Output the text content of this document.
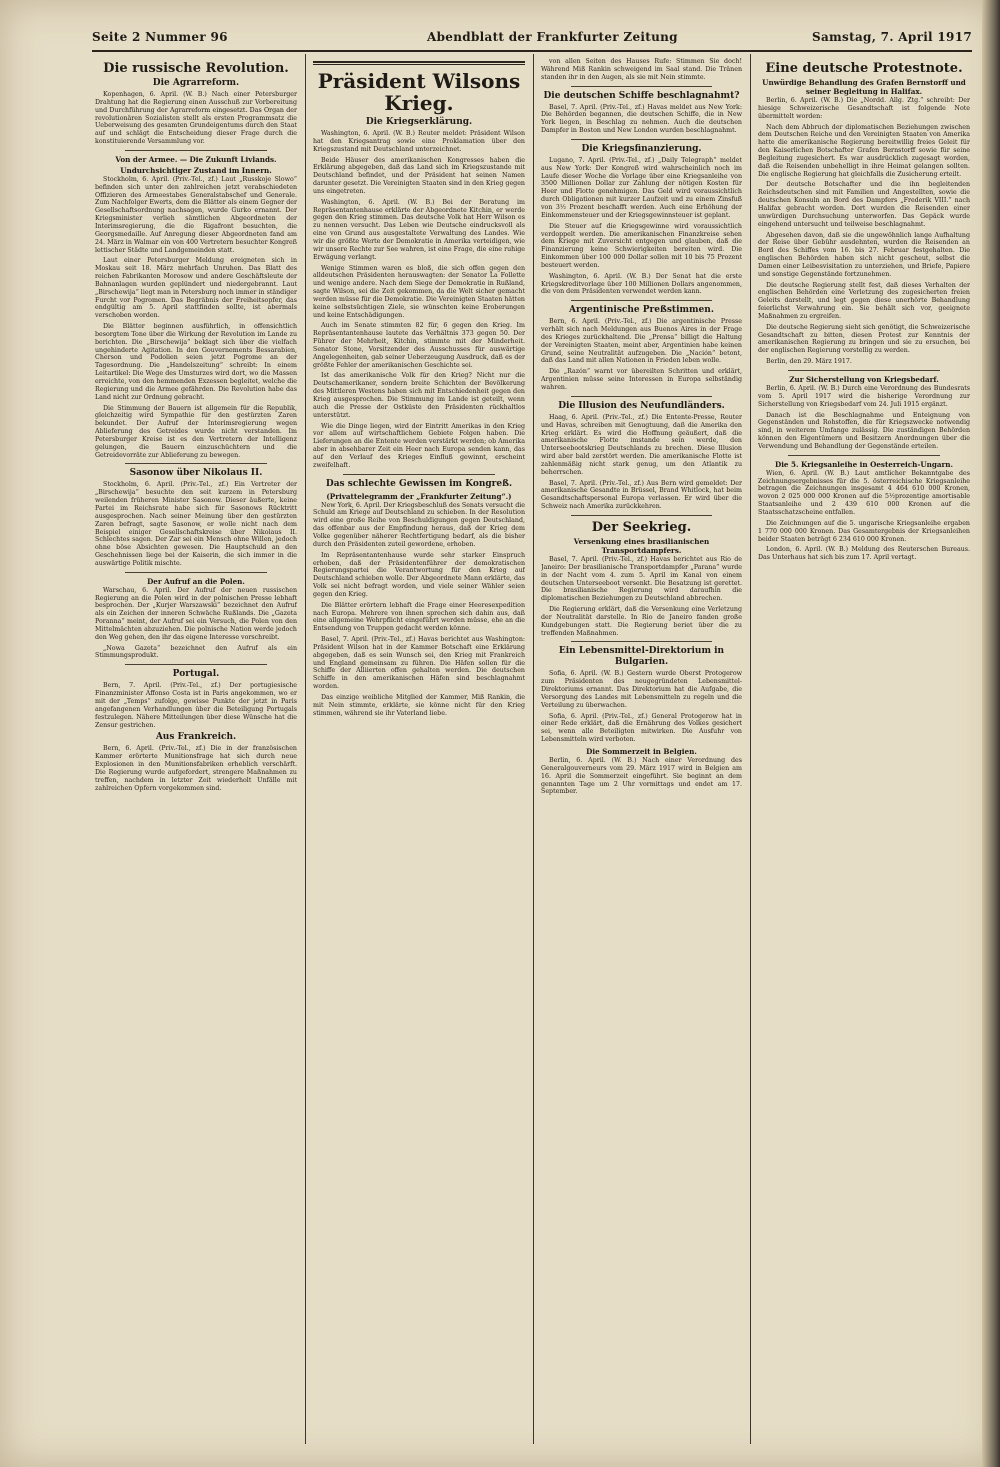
Seite 2 Nummer 96	Abendblatt der Frankfurter Zeitung	Samstag, 7. April 1917
Die russische Revolution.
Die Agrarreform.

Kopenhagen, 6. April. (W. B.) Nach einer Petersburger Drahtung hat die Regierung einen Ausschuß zur Vorbereitung und Durchführung der Agrarreform eingesetzt. Das Organ der revolutionären Sozialisten stellt als ersten Programmsatz die Ueberweisung des gesamten Grundeigentums durch den Staat auf und schlägt die Entscheidung dieser Frage durch die konstituierende Versammlung vor.

Von der Armee. — Die Zukunft Livlands.
Undurchsichtiger Zustand im Innern.

Stockholm, 6. April. (Priv.-Tel., zf.) Laut „Russkoje Slowo“ befinden sich unter den zahlreichen jetzt verabschiedeten Offizieren des Armeestabes Generalstabschef und Generale. Zum Nachfolger Ewerts, dem die Blätter als einem Gegner der Gesellschaftsordnung nachsagen, wurde Gurko ernannt. Der Kriegsminister verlieh sämtlichen Abgeordneten der Interimsregierung, die die Rigafront besuchten, die Georgsmedaille. Auf Anregung dieser Abgeordneten fand am 24. März in Walmar ein von 400 Vertretern besuchter Kongreß lettischer Städte und Landgemeinden statt.

Laut einer Petersburger Meldung ereigneten sich in Moskau seit 18. März mehrfach Unruhen. Das Blatt des reichen Fabrikanten Morosow und andere Geschäftsleute der Bahnanlagen wurden geplündert und niedergebrannt. Laut „Birschewija“ liegt man in Petersburg noch immer in ständiger Furcht vor Pogromen. Das Begräbnis der Freiheitsopfer, das endgültig am 5. April stattfinden sollte, ist abermals verschoben worden.

Die Blätter beginnen ausführlich, in offensichtlich besorgtem Tone über die Wirkung der Revolution im Lande zu berichten. Die „Birschewija“ beklagt sich über die vielfach ungehinderte Agitation. In den Gouvernements Bessarabien, Cherson und Podolien seien jetzt Pogrome an der Tagesordnung. Die „Handelszeitung“ schreibt: In einem Leitartikel: Die Wege des Umsturzes wird dort, wo die Massen erreichte, von den hemmenden Exzessen begleitet, welche die Regierung und die Armee gefährden. Die Revolution habe das Land nicht zur Ordnung gebracht.

Die Stimmung der Bauern ist allgemein für die Republik, gleichzeitig wird Sympathie für den gestürzten Zaren bekundet. Der Aufruf der Interimsregierung wegen Ablieferung des Getreides wurde nicht verstanden. Im Petersburger Kreise ist es den Vertretern der Intelligenz gelungen, die Bauern einzuschüchtern und die Getreidevorräte zur Ablieferung zu bewegen.

Sasonow über Nikolaus II.

Stockholm, 6. April. (Priv.-Tel., zf.) Ein Vertreter der „Birschewija“ besuchte den seit kurzem in Petersburg weilenden früheren Minister Sasonow. Dieser äußerte, keine Partei im Reichsrate habe sich für Sasonows Rücktritt ausgesprochen. Nach seiner Meinung über den gestürzten Zaren befragt, sagte Sasonow, er wolle nicht nach dem Beispiel einiger Gesellschaftskreise über Nikolaus II. Schlechtes sagen. Der Zar sei ein Mensch ohne Willen, jedoch ohne böse Absichten gewesen. Die Hauptschuld an den Geschehnissen liege bei der Kaiserin, die sich immer in die auswärtige Politik mischte.

Der Aufruf an die Polen.

Warschau, 6. April. Der Aufruf der neuen russischen Regierung an die Polen wird in der polnischen Presse lebhaft besprochen. Der „Kurjer Warszawski“ bezeichnet den Aufruf als ein Zeichen der inneren Schwäche Rußlands. Die „Gazeta Poranna“ meint, der Aufruf sei ein Versuch, die Polen von den Mittelmächten abzuziehen. Die polnische Nation werde jedoch den Weg gehen, den ihr das eigene Interesse vorschreibt.

„Nowa Gazeta“ bezeichnet den Aufruf als ein Stimmungsprodukt.

Portugal.

Bern, 7. April. (Priv.-Tel., zf.) Der portugiesische Finanzminister Affonso Costa ist in Paris angekommen, wo er mit der „Temps“ zufolge, gewisse Punkte der jetzt in Paris angefangenen Verhandlungen über die Beteiligung Portugals festzulegen. Nähere Mitteilungen über diese Wünsche hat die Zensur gestrichen.

Aus Frankreich.

Bern, 6. April. (Priv.-Tel., zf.) Die in der französischen Kammer erörterte Munitionsfrage hat sich durch neue Explosionen in den Munitionsfabriken erheblich verschärft. Die Regierung wurde aufgefordert, strengere Maßnahmen zu treffen, nachdem in letzter Zeit wiederholt Unfälle mit zahlreichen Opfern vorgekommen sind.

Präsident Wilsons Krieg.
Die Kriegserklärung.

Washington, 6. April. (W. B.) Reuter meldet: Präsident Wilson hat den Kriegsantrag sowie eine Proklamation über den Kriegszustand mit Deutschland unterzeichnet.

Beide Häuser des amerikanischen Kongresses haben die Erklärung abgegeben, daß das Land sich im Kriegszustande mit Deutschland befindet, und der Präsident hat seinen Namen darunter gesetzt. Die Vereinigten Staaten sind in den Krieg gegen uns eingetreten.

Washington, 6. April. (W. B.) Bei der Beratung im Repräsentantenhause erklärte der Abgeordnete Kitchin, er werde gegen den Krieg stimmen. Das deutsche Volk hat Herr Wilson es zu nennen versucht. Das Leben wie Deutsche eindrucksvoll als eine von Grund aus ausgestaltete Verwaltung des Landes. Wie wir die größte Werte der Demokratie in Amerika verteidigen, wie wir unsere Rechte zur See wahren, ist eine Frage, die eine ruhige Erwägung verlangt.

Wenige Stimmen waren es bloß, die sich offen gegen den alldeutschen Präsidenten herauswagten: der Senator La Follette und wenige andere. Nach dem Siege der Demokratie in Rußland, sagte Wilson, sei die Zeit gekommen, da die Welt sicher gemacht werden müsse für die Demokratie. Die Vereinigten Staaten hätten keine selbstsüchtigen Ziele, sie wünschten keine Eroberungen und keine Entschädigungen.

Auch im Senate stimmten 82 für, 6 gegen den Krieg. Im Repräsentantenhause lautete das Verhältnis 373 gegen 50. Der Führer der Mehrheit, Kitchin, stimmte mit der Minderheit. Senator Stone, Vorsitzender des Ausschusses für auswärtige Angelegenheiten, gab seiner Ueberzeugung Ausdruck, daß es der größte Fehler der amerikanischen Geschichte sei.

Ist das amerikanische Volk für den Krieg? Nicht nur die Deutschamerikaner, sondern breite Schichten der Bevölkerung des Mittleren Westens haben sich mit Entschiedenheit gegen den Krieg ausgesprochen. Die Stimmung im Lande ist geteilt, wenn auch die Presse der Ostküste den Präsidenten rückhaltlos unterstützt.

Wie die Dinge liegen, wird der Eintritt Amerikas in den Krieg vor allem auf wirtschaftlichem Gebiete Folgen haben. Die Lieferungen an die Entente werden verstärkt werden; ob Amerika aber in absehbarer Zeit ein Heer nach Europa senden kann, das auf den Verlauf des Krieges Einfluß gewinnt, erscheint zweifelhaft.

Das schlechte Gewissen im Kongreß.
(Privattelegramm der „Frankfurter Zeitung“.)

New York, 6. April. Der Kriegsbeschluß des Senats versucht die Schuld am Kriege auf Deutschland zu schieben. In der Resolution wird eine große Reihe von Beschuldigungen gegen Deutschland, das offenbar aus der Empfindung heraus, daß der Krieg dem Volke gegenüber näherer Rechtfertigung bedarf, als die bisher durch den Präsidenten zuteil gewordene, erhoben.

Im Repräsentantenhause wurde sehr starker Einspruch erhoben, daß der Präsidentenführer der demokratischen Regierungspartei die Verantwortung für den Krieg auf Deutschland schieben wolle. Der Abgeordnete Mann erklärte, das Volk sei nicht befragt worden, und viele seiner Wähler seien gegen den Krieg.

Die Blätter erörtern lebhaft die Frage einer Heeresexpedition nach Europa. Mehrere von ihnen sprechen sich dahin aus, daß eine allgemeine Wehrpflicht eingeführt werden müsse, ehe an die Entsendung von Truppen gedacht werden könne.

Basel, 7. April. (Priv.-Tel., zf.) Havas berichtet aus Washington: Präsident Wilson hat in der Kammer Botschaft eine Erklärung abgegeben, daß es sein Wunsch sei, den Krieg mit Frankreich und England gemeinsam zu führen. Die Häfen sollen für die Schiffe der Alliierten offen gehalten werden. Die deutschen Schiffe in den amerikanischen Häfen sind beschlagnahmt worden.

Das einzige weibliche Mitglied der Kammer, Miß Rankin, die mit Nein stimmte, erklärte, sie könne nicht für den Krieg stimmen, während sie ihr Vaterland liebe.

von allen Seiten des Hauses Rufe: Stimmen Sie doch! Während Miß Rankin schweigend im Saal stand. Die Tränen standen ihr in den Augen, als sie mit Nein stimmte.

Die deutschen Schiffe beschlagnahmt?

Basel, 7. April. (Priv.-Tel., zf.) Havas meldet aus New York: Die Behörden begannen, die deutschen Schiffe, die in New York liegen, in Beschlag zu nehmen. Auch die deutschen Dampfer in Boston und New London wurden beschlagnahmt.

Die Kriegsfinanzierung.

Lugano, 7. April. (Priv.-Tel., zf.) „Daily Telegraph“ meldet aus New York: Der Kongreß wird wahrscheinlich noch im Laufe dieser Woche die Vorlage über eine Kriegsanleihe von 3500 Millionen Dollar zur Zahlung der nötigen Kosten für Heer und Flotte genehmigen. Das Geld wird voraussichtlich durch Obligationen mit kurzer Laufzeit und zu einem Zinsfuß von 3½ Prozent beschafft werden. Auch eine Erhöhung der Einkommensteuer und der Kriegsgewinnsteuer ist geplant.

Die Steuer auf die Kriegsgewinne wird voraussichtlich verdoppelt werden. Die amerikanischen Finanzkreise sehen dem Kriege mit Zuversicht entgegen und glauben, daß die Finanzierung keine Schwierigkeiten bereiten wird. Die Einkommen über 100 000 Dollar sollen mit 10 bis 75 Prozent besteuert werden.

Washington, 6. April. (W. B.) Der Senat hat die erste Kriegskreditvorlage über 100 Millionen Dollars angenommen, die von dem Präsidenten verwendet werden kann.

Argentinische Preßstimmen.

Bern, 6. April. (Priv.-Tel., zf.) Die argentinische Presse verhält sich nach Meldungen aus Buenos Aires in der Frage des Krieges zurückhaltend. Die „Prensa“ billigt die Haltung der Vereinigten Staaten, meint aber, Argentinien habe keinen Grund, seine Neutralität aufzugeben. Die „Nación“ betont, daß das Land mit allen Nationen in Frieden leben wolle.

Die „Razón“ warnt vor übereilten Schritten und erklärt, Argentinien müsse seine Interessen in Europa selbständig wahren.

Die Illusion des Neufundländers.

Haag, 6. April. (Priv.-Tel., zf.) Die Entente-Presse, Reuter und Havas, schreiben mit Genugtuung, daß die Amerika den Krieg erklärt. Es wird die Hoffnung geäußert, daß die amerikanische Flotte imstande sein werde, den Unterseebootskrieg Deutschlands zu brechen. Diese Illusion wird aber bald zerstört werden. Die amerikanische Flotte ist zahlenmäßig nicht stark genug, um den Atlantik zu beherrschen.

Basel, 7. April. (Priv.-Tel., zf.) Aus Bern wird gemeldet: Der amerikanische Gesandte in Brüssel, Brand Whitlock, hat beim Gesandtschaftspersonal Europa verlassen. Er wird über die Schweiz nach Amerika zurückkehren.

Der Seekrieg.
Versenkung eines brasilianischen Transportdampfers.

Basel, 7. April. (Priv.-Tel., zf.) Havas berichtet aus Rio de Janeiro: Der brasilianische Transportdampfer „Parana“ wurde in der Nacht vom 4. zum 5. April im Kanal von einem deutschen Unterseeboot versenkt. Die Besatzung ist gerettet. Die brasilianische Regierung wird daraufhin die diplomatischen Beziehungen zu Deutschland abbrechen.

Die Regierung erklärt, daß die Versenkung eine Verletzung der Neutralität darstelle. In Rio de Janeiro fanden große Kundgebungen statt. Die Regierung beriet über die zu treffenden Maßnahmen.

Ein Lebensmittel-Direktorium in Bulgarien.

Sofia, 6. April. (W. B.) Gestern wurde Oberst Protogerow zum Präsidenten des neugegründeten Lebensmittel-Direktoriums ernannt. Das Direktorium hat die Aufgabe, die Versorgung des Landes mit Lebensmitteln zu regeln und die Verteilung zu überwachen.

Sofia, 6. April. (Priv.-Tel., zf.) General Protogerow hat in einer Rede erklärt, daß die Ernährung des Volkes gesichert sei, wenn alle Beteiligten mitwirken. Die Ausfuhr von Lebensmitteln wird verboten.

Die Sommerzeit in Belgien.

Berlin, 6. April. (W. B.) Nach einer Verordnung des Generalgouverneurs vom 29. März 1917 wird in Belgien am 16. April die Sommerzeit eingeführt. Sie beginnt an dem genannten Tage um 2 Uhr vormittags und endet am 17. September.

Eine deutsche Protestnote.
Unwürdige Behandlung des Grafen Bernstorff und seiner Begleitung in Halifax.

Berlin, 6. April. (W. B.) Die „Nordd. Allg. Ztg.“ schreibt: Der hiesige Schweizerische Gesandtschaft ist folgende Note übermittelt worden:

Nach dem Abbruch der diplomatischen Beziehungen zwischen dem Deutschen Reiche und den Vereinigten Staaten von Amerika hatte die amerikanische Regierung bereitwillig freies Geleit für den Kaiserlichen Botschafter Grafen Bernstorff sowie für seine Begleitung zugesichert. Es war ausdrücklich zugesagt worden, daß die Reisenden unbehelligt in ihre Heimat gelangen sollten. Die englische Regierung hat gleichfalls die Zusicherung erteilt.

Der deutsche Botschafter und die ihn begleitenden Reichsdeutschen sind mit Familien und Angestellten, sowie die deutschen Konsuln an Bord des Dampfers „Frederik VIII.“ nach Halifax gebracht worden. Dort wurden die Reisenden einer unwürdigen Durchsuchung unterworfen. Das Gepäck wurde eingehend untersucht und teilweise beschlagnahmt.

Abgesehen davon, daß sie die ungewöhnlich lange Aufhaltung der Reise über Gebühr ausdehnten, wurden die Reisenden an Bord des Schiffes vom 16. bis 27. Februar festgehalten. Die englischen Behörden haben sich nicht gescheut, selbst die Damen einer Leibesvisitation zu unterziehen, und Briefe, Papiere und sonstige Gegenstände fortzunehmen.

Die deutsche Regierung stellt fest, daß dieses Verhalten der englischen Behörden eine Verletzung des zugesicherten freien Geleits darstellt, und legt gegen diese unerhörte Behandlung feierlichst Verwahrung ein. Sie behält sich vor, geeignete Maßnahmen zu ergreifen.

Die deutsche Regierung sieht sich genötigt, die Schweizerische Gesandtschaft zu bitten, diesen Protest zur Kenntnis der amerikanischen Regierung zu bringen und sie zu ersuchen, bei der englischen Regierung vorstellig zu werden.

Berlin, den 29. März 1917.

Zur Sicherstellung von Kriegsbedarf.

Berlin, 6. April. (W. B.) Durch eine Verordnung des Bundesrats vom 5. April 1917 wird die bisherige Verordnung zur Sicherstellung von Kriegsbedarf vom 24. Juli 1915 ergänzt.

Danach ist die Beschlagnahme und Enteignung von Gegenständen und Rohstoffen, die für Kriegszwecke notwendig sind, in weiterem Umfange zulässig. Die zuständigen Behörden können den Eigentümern und Besitzern Anordnungen über die Verwendung und Behandlung der Gegenstände erteilen.

Die 5. Kriegsanleihe in Oesterreich-Ungarn.

Wien, 6. April. (W. B.) Laut amtlicher Bekanntgabe des Zeichnungsergebnisses für die 5. österreichische Kriegsanleihe betragen die Zeichnungen insgesamt 4 464 610 000 Kronen, wovon 2 025 000 000 Kronen auf die 5½prozentige amortisable Staatsanleihe und 2 439 610 000 Kronen auf die Staatsschatzscheine entfallen.

Die Zeichnungen auf die 5. ungarische Kriegsanleihe ergaben 1 770 000 000 Kronen. Das Gesamtergebnis der Kriegsanleihen beider Staaten beträgt 6 234 610 000 Kronen.

London, 6. April. (W. B.) Meldung des Reuterschen Bureaus. Das Unterhaus hat sich bis zum 17. April vertagt.
